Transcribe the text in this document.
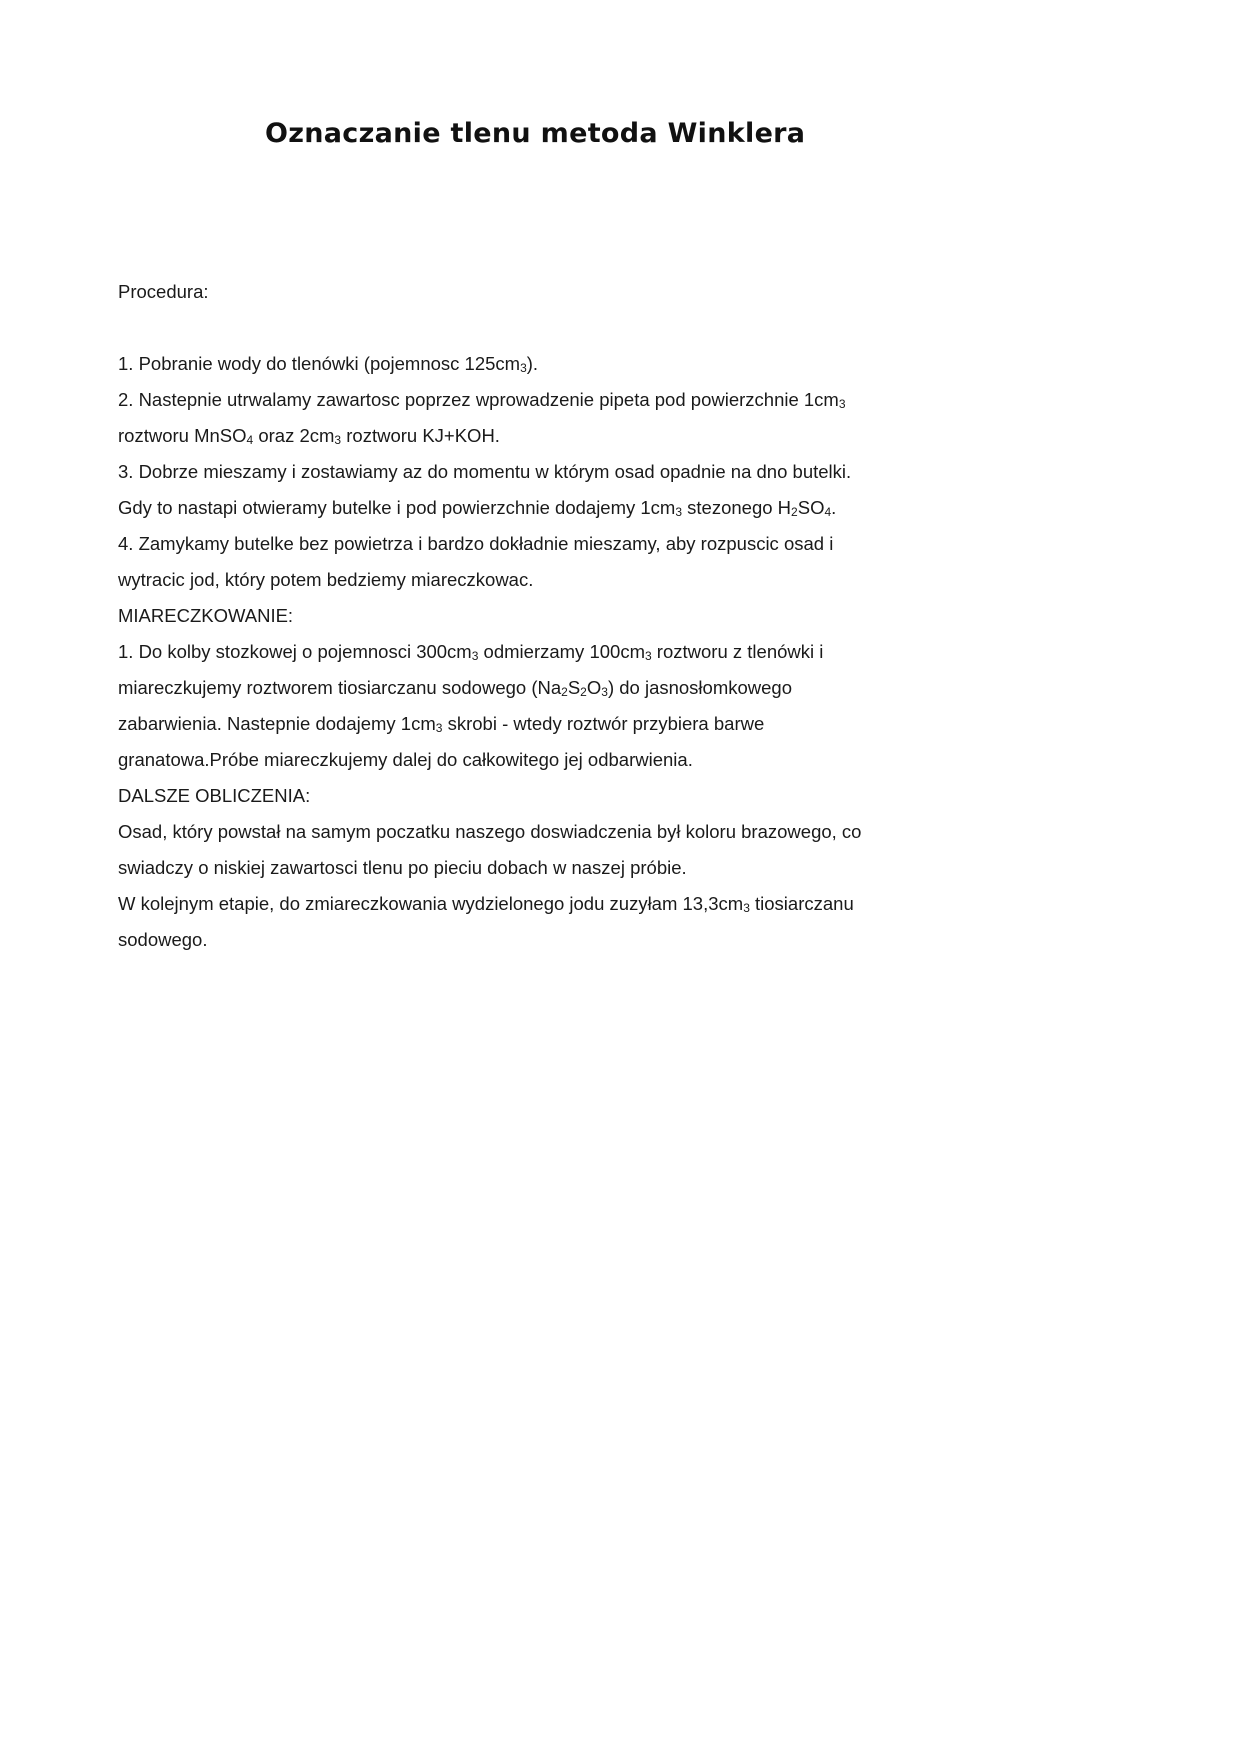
Oznaczanie tlenu metoda Winklera
Procedura:
1. Pobranie wody do tlenówki (pojemnosc $125cm_3$).
2. Nastepnie utrwalamy zawartosc poprzez wprowadzenie pipeta pod powierzchnie $1cm_3$
roztworu MnSO$_4$ oraz $2cm_3$ roztworu KJ+KOH.
3. Dobrze mieszamy i zostawiamy az do momentu w którym osad opadnie na dno butelki.
Gdy to nastapi otwieramy butelke i pod powierzchnie dodajemy $1cm_3$ stezonego $H_2SO_4$.
4. Zamykamy butelke bez powietrza i bardzo dokładnie mieszamy, aby rozpuscic osad i
wytracic jod, który potem bedziemy miareczkowac.
MIARECZKOWANIE:
1. Do kolby stozkowej o pojemnosci $300cm_3$ odmierzamy $100cm_3$ roztworu z tlenówki i
miareczkujemy roztworem tiosiarczanu sodowego $(Na_2S_2O_3)$ do jasnosłomkowego
zabarwienia. Nastepnie dodajemy $1cm_3$ skrobi - wtedy roztwór przybiera barwe
granatowa.Próbe miareczkujemy dalej do całkowitego jej odbarwienia.
DALSZE OBLICZENIA:
Osad, który powstał na samym poczatku naszego doswiadczenia był koloru brazowego, co
swiadczy o niskiej zawartosci tlenu po pieciu dobach w naszej próbie.
W kolejnym etapie, do zmiareczkowania wydzielonego jodu zuzyłam $13,3cm_3$ tiosiarczanu
sodowego.
